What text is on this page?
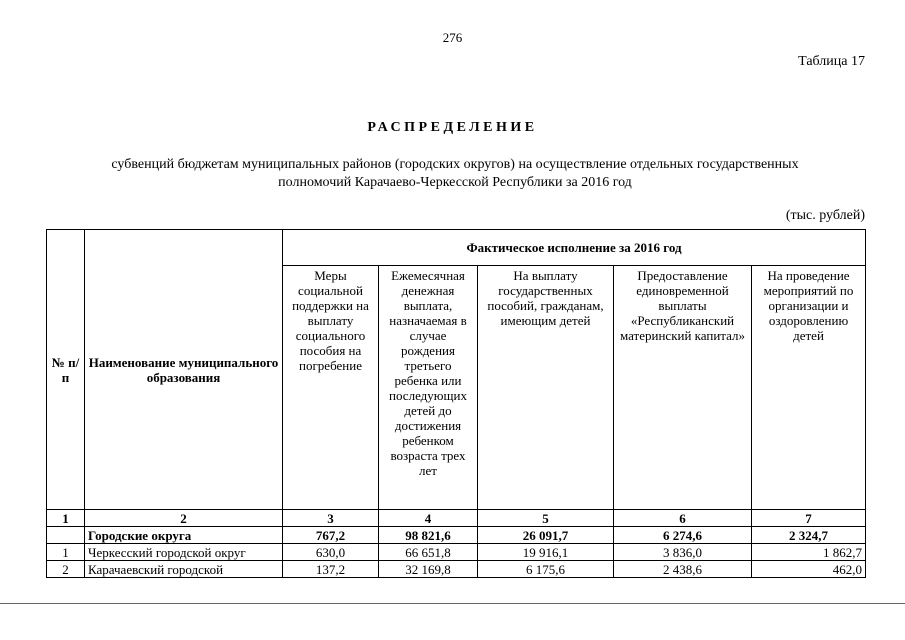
276
Таблица 17
РАСПРЕДЕЛЕНИЕ
субвенций бюджетам муниципальных районов (городских округов) на осуществление отдельных государственных
полномочий Карачаево-Черкесской Республики за 2016 год
(тыс. рублей)
№ п/п	Наименование муниципального образования	Фактическое исполнение за 2016 год				
		Меры социальной поддержки на выплату социального пособия на погребение	Ежемесячная денежная выплата, назначаемая в случае рождения третьего ребенка или последующих детей до достижения ребенком возраста трех лет	На выплату государственных пособий, гражданам, имеющим детей	Предоставление единовременной выплаты «Республиканский материнский капитал»	На проведение мероприятий по организации и оздоровлению детей
1	2	3	4	5	6	7
	Городские округа	767,2	98 821,6	26 091,7	6 274,6	2 324,7
1	Черкесский городской округ	630,0	66 651,8	19 916,1	3 836,0	1 862,7
2	Карачаевский городской	137,2	32 169,8	6 175,6	2 438,6	462,0
